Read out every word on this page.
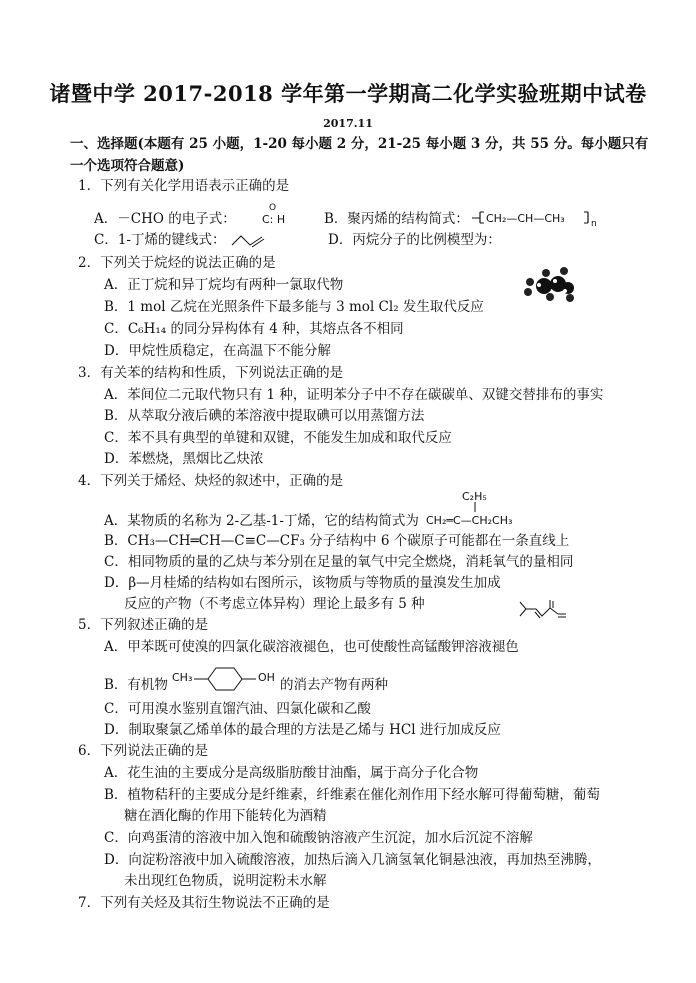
诸暨中学 2017-2018 学年第一学期高二化学实验班期中试卷
2017.11
一、选择题(本题有 25 小题，1-20 每小题 2 分，21-25 每小题 3 分，共 55 分。每小题只有
一个选项符合题意)
1．下列有关化学用语表示正确的是
A．－CHO 的电子式：
O
C: H	B．聚丙烯的结构简式： CH₂—CH—CH₃	n
C．1-丁烯的键线式：	D．丙烷分子的比例模型为：
2．下列关于烷烃的说法正确的是
A．正丁烷和异丁烷均有两种一氯取代物
B．1 mol 乙烷在光照条件下最多能与 3 mol Cl₂ 发生取代反应
C．C₆H₁₄ 的同分异构体有 4 种，其熔点各不相同
D．甲烷性质稳定，在高温下不能分解
3．有关苯的结构和性质，下列说法正确的是
A．苯间位二元取代物只有 1 种，证明苯分子中不存在碳碳单、双键交替排布的事实
B．从萃取分液后碘的苯溶液中提取碘可以用蒸馏方法
C．苯不具有典型的单键和双键，不能发生加成和取代反应
D．苯燃烧，黑烟比乙炔浓
4．下列关于烯烃、炔烃的叙述中，正确的是
C₂H₅
A．某物质的名称为 2-乙基-1-丁烯，它的结构简式为 CH₂═C—CH₂CH₃
B．CH₃—CH═CH—C≡C—CF₃ 分子结构中 6 个碳原子可能都在一条直线上
C．相同物质的量的乙炔与苯分别在足量的氧气中完全燃烧，消耗氧气的量相同
D．β—月桂烯的结构如右图所示，该物质与等物质的量溴发生加成
反应的产物（不考虑立体异构）理论上最多有 5 种
5．下列叙述正确的是
A．甲苯既可使溴的四氯化碳溶液褪色，也可使酸性高锰酸钾溶液褪色
B．有机物 CH₃	OH 的消去产物有两种
C．可用溴水鉴别直馏汽油、四氯化碳和乙酸
D．制取聚氯乙烯单体的最合理的方法是乙烯与 HCl 进行加成反应
6．下列说法正确的是
A．花生油的主要成分是高级脂肪酸甘油酯，属于高分子化合物
B．植物秸秆的主要成分是纤维素，纤维素在催化剂作用下经水解可得葡萄糖，葡萄
糖在酒化酶的作用下能转化为酒精
C．向鸡蛋清的溶液中加入饱和硫酸钠溶液产生沉淀，加水后沉淀不溶解
D．向淀粉溶液中加入硫酸溶液，加热后滴入几滴氢氧化铜悬浊液，再加热至沸腾，
未出现红色物质，说明淀粉未水解
7．下列有关烃及其衍生物说法不正确的是
